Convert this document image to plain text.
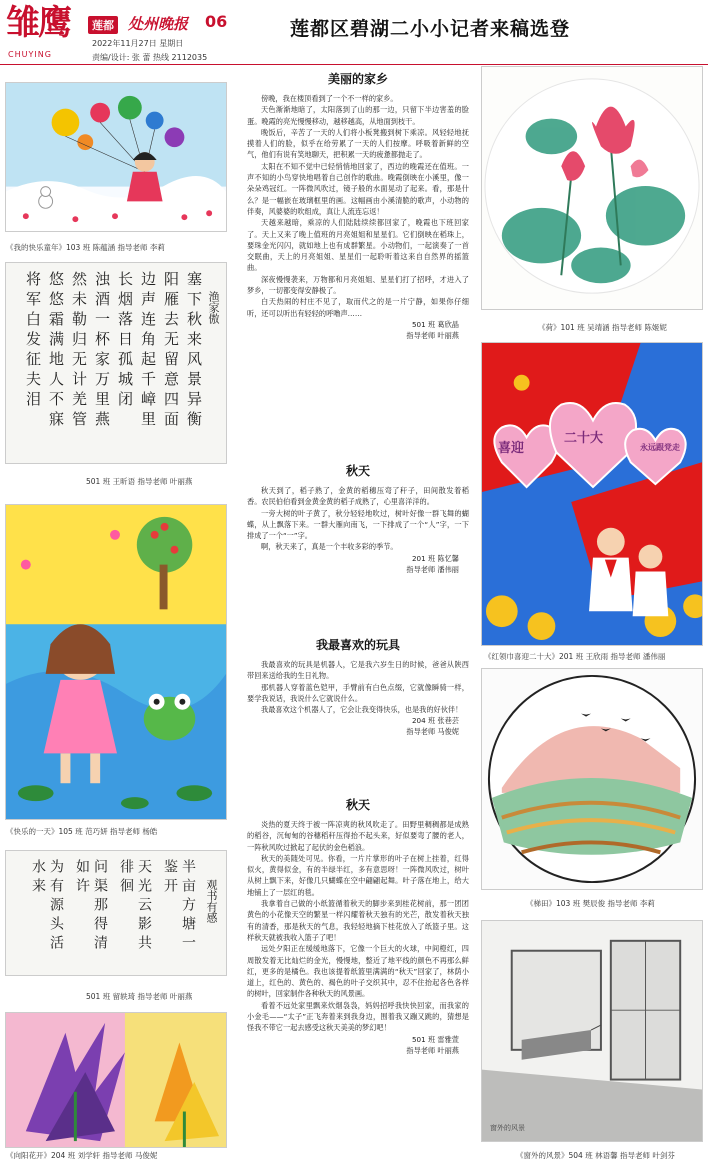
雏鹰
CHUYING
莲都 处州晚报 06
2022年11月27日 星期日
责编/设计: 张 蕾 热线 2112035
莲都区碧湖二小小记者来稿选登
《我的快乐童年》103 班 陈蕴涵 指导老师 李莉
渔家傲
塞下秋来风景异衡
阳雁去无留意四面
边声连角起千嶂里
长烟落日孤城闭
浊酒一杯家万里燕
然未勒归无计羌管
悠悠霜满地人不寐
将军白发征夫泪
501 班 王昕语 指导老师 叶丽燕
《快乐的一天》105 班 范巧妍 指导老师 杨皓
观书有感
半亩方塘一鉴开
天光云影共徘徊
问渠那得清如许
为有源头活水来
501 班 留轶琦 指导老师 叶丽燕
《向阳花开》204 班 刘学轩 指导老师 马俊妮
美丽的家乡

傍晚，我在楼顶看到了一个不一样的家乡。

天色渐渐地暗了，太阳落到了山的那一边，只留下半边害羞的脸蛋。晚霞的亮光慢慢移动，越移越高，从地面到枝干。

晚饭后，辛苦了一天的人们将小板凳搬到树下乘凉。风轻轻地抚摸着人们的脸，似乎在给劳累了一天的人们按摩。呼吸着新鲜的空气，他们有说有笑地聊天，把积累一天的疲惫都抛走了。

太阳在不知不觉中已轻悄悄地回家了，西边的晚霞还在值班。一声不知的小鸟穿快地唱着自己创作的歌曲。晚霞倒映在小溪里，像一朵朵鸡冠红。一阵微风吹过，镜子般的水面晃动了起来。看，那是什么？是一幅嵌在玻璃框里的画。这幅画由小溪清脆的歌声，小动物的伴奏，风婆婆的吹组成，真让人流连忘返！

天越来越暗，乘凉的人们陆陆续续都回家了，晚霞也下班回家了。天上又来了晚上值班的月亮姐姐和星星们。它们倒映在稻珠上，要珠金光闪闪，就如地上也有成群繁星。小动物们，一起演奏了一首交眠曲，天上的月亮姐姐、星星们一起聆听着这来自自然界的摇篮曲。

深夜慢慢袭来，万物都和月亮姐姐、星星们打了招呼，才进入了梦乡，一切都变得安静极了。

白天热闹的村庄不见了，取而代之的是一片宁静，如果你仔细听，还可以听出有轻轻的呼噜声……

501 班 葛欣晶
指导老师 叶丽燕
秋天

秋天到了，稻子熟了，金黄的稻穗压弯了秆子，田间散发着稻香。农民伯伯看到金黄金黄的稻子成熟了，心里喜洋洋的。

一旁大树的叶子黄了，秋分轻轻地吹过，树叶好像一群飞舞的蝴蝶，从上飘落下来。一群大雁向南飞，一下排成了一个“人”字，一下排成了一个“一”字。

啊，秋天来了，真是一个丰收多彩的季节。

201 班 陈忆馨
指导老师 潘伟丽
我最喜欢的玩具

我最喜欢的玩具是机器人，它是我六岁生日的时候，爸爸从陕西带回来送给我的生日礼物。

那机器人穿着蓝色铠甲，手臂前有白色点缀，它就像瞬骑一样，要学我说话，我说什么它就说什么。

我最喜欢这个机器人了，它会让我变得快乐，也是我的好伙伴！

204 班 张巷芸
指导老师 马俊妮
秋天

炎热的夏天终于被一阵凉爽的秋风吹走了。田野里稠稠都是成熟的稻谷，沉甸甸的谷穗稻秆压得抬不起头来，好似要弯了腰的老人，一阵秋风吹过掀起了起伏的金色稻浪。

秋天的美随处可见。你看，一片片掌形的叶子在树上挂着，红得似火，黄得似金，有的半绿半红，多有意思呀！一阵微风吹过，树叶从树上飘下来，好像几只蝴蝶在空中翩翩起舞。叶子落在地上，给大地铺上了一层红的毯。

我拿着自己做的小纸篮循着秋天的脚步来到桂花树前，那一团团黄色的小花像天空的繁星一样闪耀着秋天独有的光芒，散发着秋天独有的清香，那是秋天的气息，我轻轻地摘下桂花放入了纸篮子里。这样秋天就被我收入篮子了吧！

远处夕阳正在缓缓地落下，它像一个巨大的火球，中间橙红，四周散发着无比灿烂的金光，慢慢地，整近了地平线的颜色不再那么鲜红，更多的是橘色。我也该提着纸篮里满满的“秋天”回家了，林荫小道上，红色的、黄色的、褐色的叶子交织其中，忍不住抬起各色各样的树叶，回家制作各种秋天的风景画。

看着不远处家里飘来炊烟袅袅，妈妈招呼我快快回家，而我家的小金毛——“太子”正飞奔着来到我身边，围着我又蹦又跳的，猜想是怪我不带它一起去感受这秋天美美的梦幻吧！

501 班 雷雅萱
指导老师 叶丽燕
《荷》101 班 吴靖涵 指导老师 陈姬妮
喜迎
二十大
永远跟党走
《红领巾喜迎二十大》201 班 王欣雨 指导老师 潘伟丽
《梯田》103 班 樊辰俊 指导老师 李莉
窗外的风景
《窗外的风景》504 班 林语馨 指导老师 叶剑芬
